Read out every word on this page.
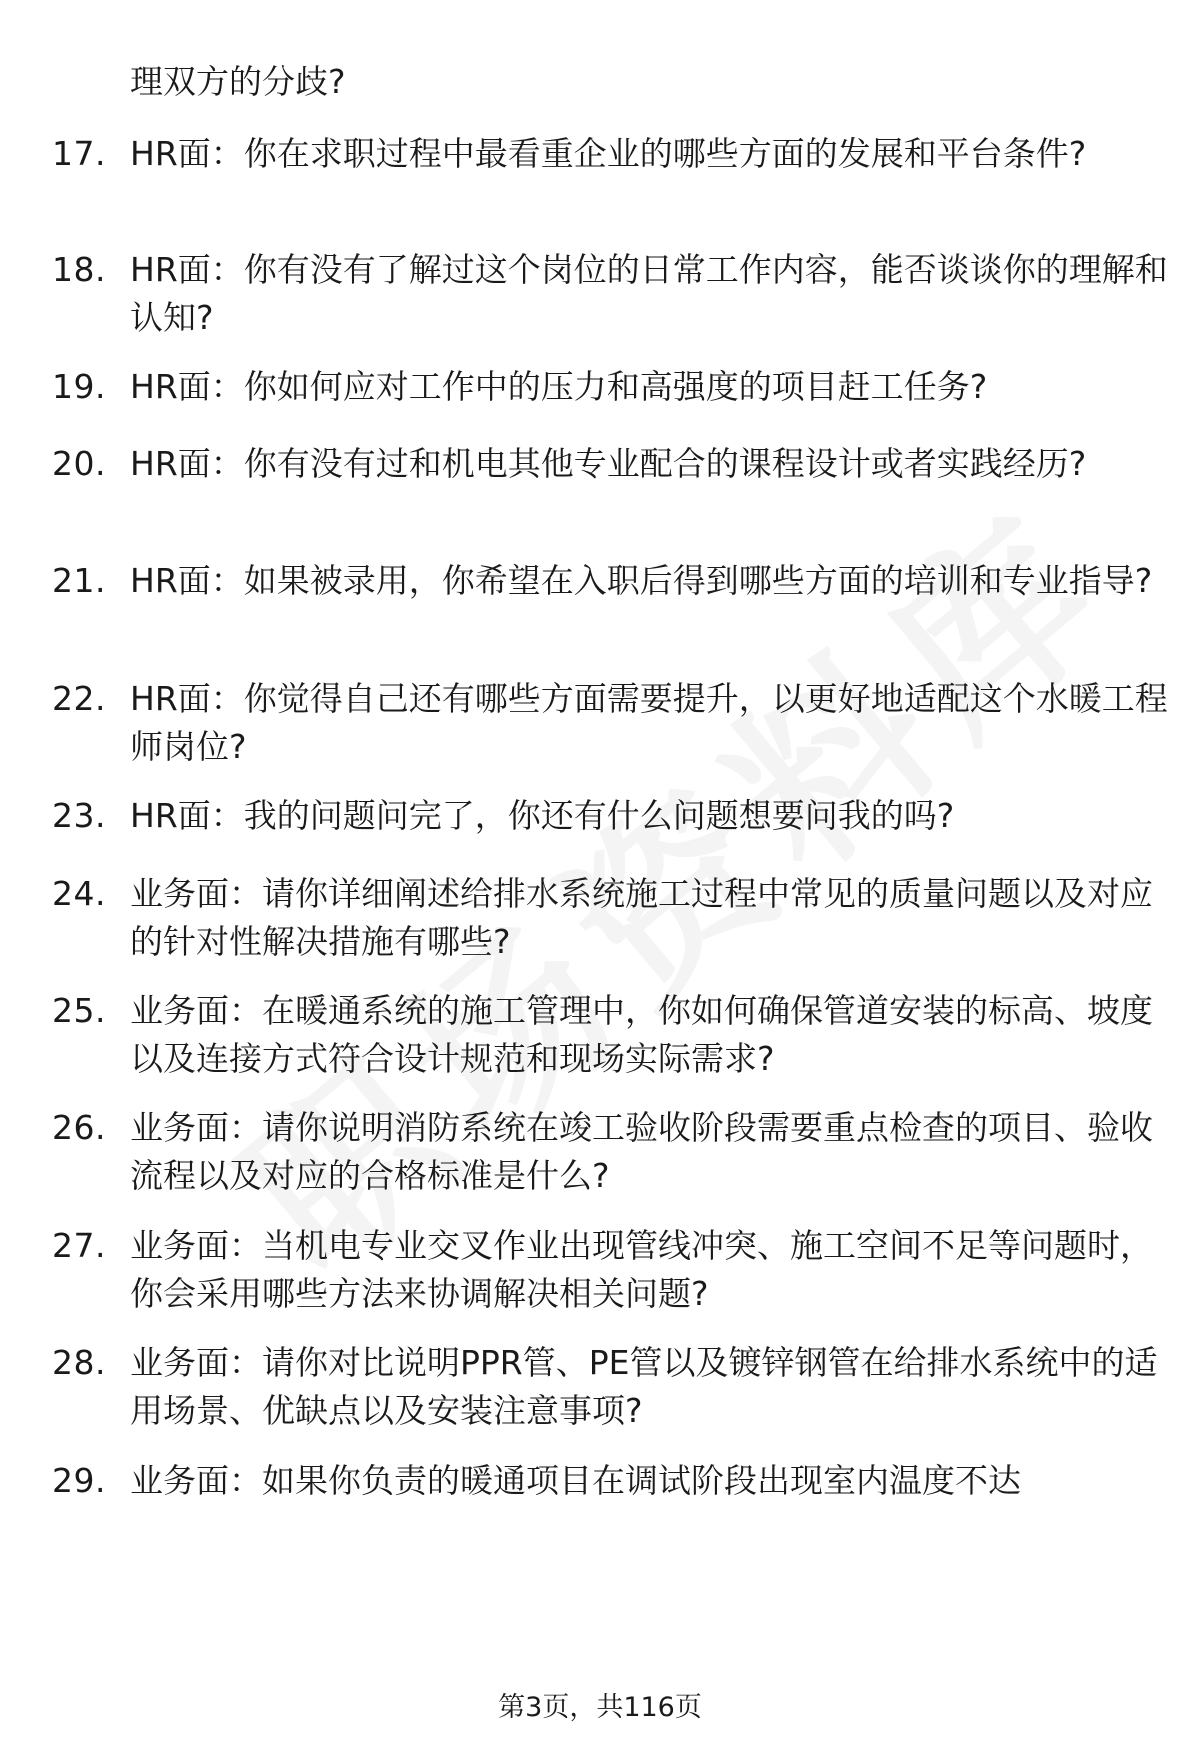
理双方的分歧?
17. HR面：你在求职过程中最看重企业的哪些方面的发展和平台条件?
18. HR面：你有没有了解过这个岗位的日常工作内容，能否谈谈你的理解和认知?
19. HR面：你如何应对工作中的压力和高强度的项目赶工任务?
20. HR面：你有没有过和机电其他专业配合的课程设计或者实践经历?
21. HR面：如果被录用，你希望在入职后得到哪些方面的培训和专业指导?
22. HR面：你觉得自己还有哪些方面需要提升，以更好地适配这个水暖工程师岗位?
23. HR面：我的问题问完了，你还有什么问题想要问我的吗?
24. 业务面：请你详细阐述给排水系统施工过程中常见的质量问题以及对应的针对性解决措施有哪些?
25. 业务面：在暖通系统的施工管理中，你如何确保管道安装的标高、坡度以及连接方式符合设计规范和现场实际需求?
26. 业务面：请你说明消防系统在竣工验收阶段需要重点检查的项目、验收流程以及对应的合格标准是什么?
27. 业务面：当机电专业交叉作业出现管线冲突、施工空间不足等问题时，你会采用哪些方法来协调解决相关问题?
28. 业务面：请你对比说明PPR管、PE管以及镀锌钢管在给排水系统中的适用场景、优缺点以及安装注意事项?
29. 业务面：如果你负责的暖通项目在调试阶段出现室内温度不达
第3页，共116页
